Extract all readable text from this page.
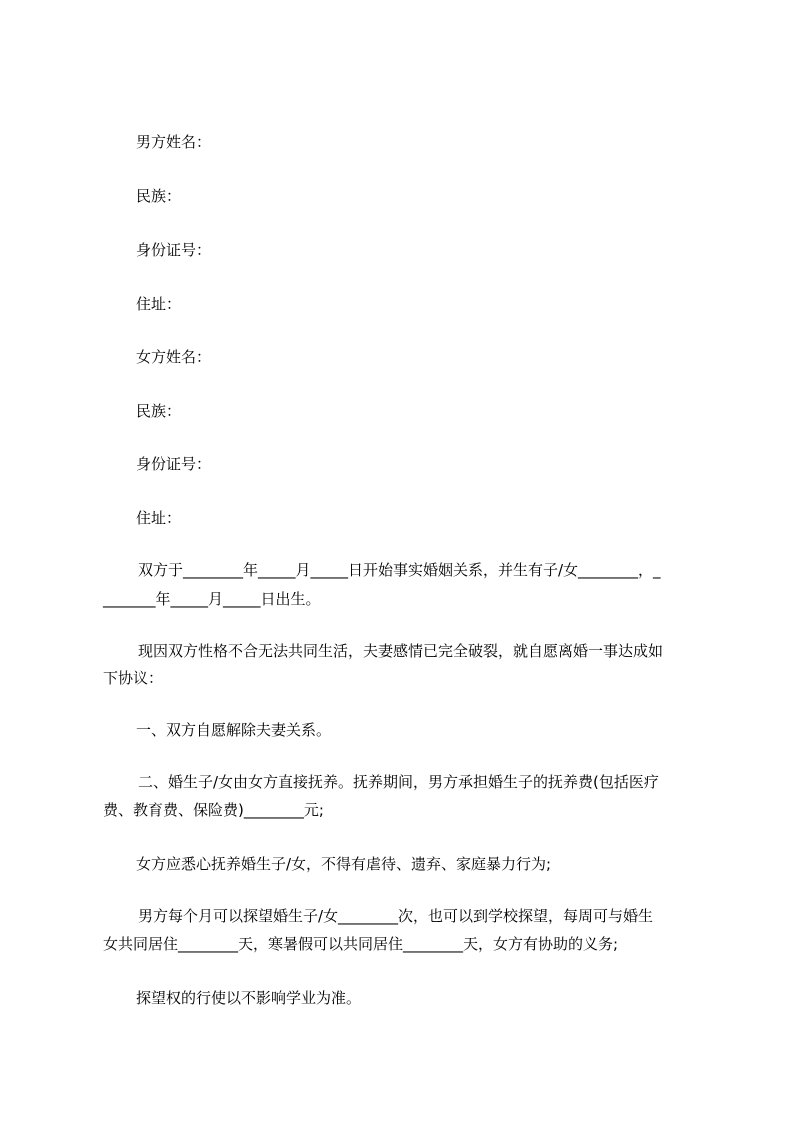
男方姓名：

民族：

身份证号：

住址：

女方姓名：

民族：

身份证号：

住址：

双方于________年_____月_____日开始事实婚姻关系，并生有子/女________，_

_______年_____月_____日出生。

现因双方性格不合无法共同生活，夫妻感情已完全破裂，就自愿离婚一事达成如

下协议：

一、双方自愿解除夫妻关系。

二、婚生子/女由女方直接抚养。抚养期间，男方承担婚生子的抚养费(包括医疗

费、教育费、保险费)________元;

女方应悉心抚养婚生子/女，不得有虐待、遗弃、家庭暴力行为;

男方每个月可以探望婚生子/女________次，也可以到学校探望，每周可与婚生

女共同居住________天，寒暑假可以共同居住________天，女方有协助的义务;

探望权的行使以不影响学业为准。
